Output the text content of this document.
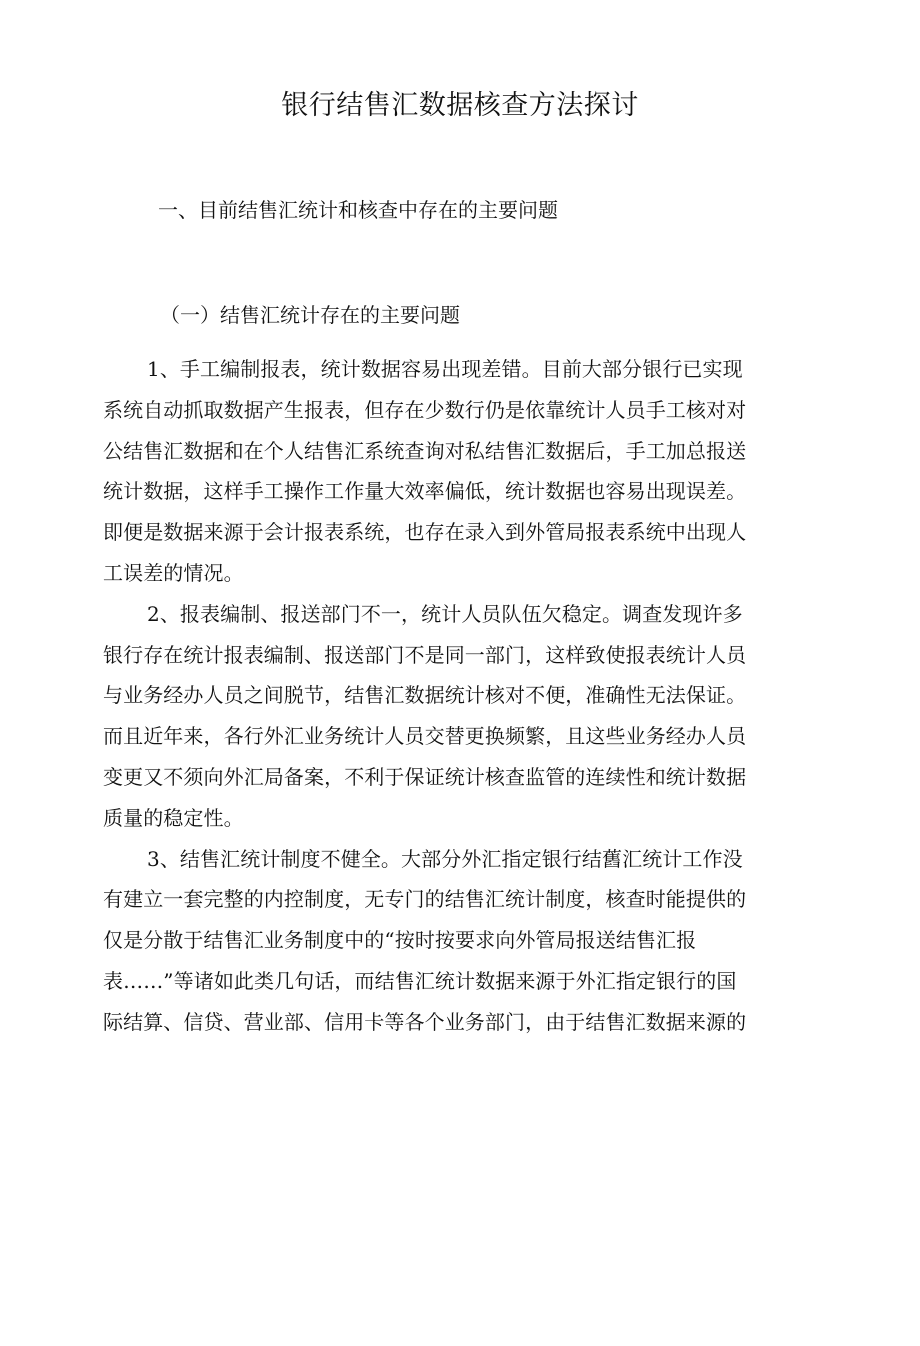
银行结售汇数据核查方法探讨
一、目前结售汇统计和核查中存在的主要问题
（一）结售汇统计存在的主要问题

1、手工编制报表，统计数据容易出现差错。目前大部分银行已实现
系统自动抓取数据产生报表，但存在少数行仍是依靠统计人员手工核对对
公结售汇数据和在个人结售汇系统查询对私结售汇数据后，手工加总报送
统计数据，这样手工操作工作量大效率偏低，统计数据也容易出现误差。
即便是数据来源于会计报表系统，也存在录入到外管局报表系统中出现人
工误差的情况。

2、报表编制、报送部门不一，统计人员队伍欠稳定。调查发现许多
银行存在统计报表编制、报送部门不是同一部门，这样致使报表统计人员
与业务经办人员之间脱节，结售汇数据统计核对不便，准确性无法保证。
而且近年来，各行外汇业务统计人员交替更换频繁，且这些业务经办人员
变更又不须向外汇局备案，不利于保证统计核查监管的连续性和统计数据
质量的稳定性。

3、结售汇统计制度不健全。大部分外汇指定银行结舊汇统计工作没
有建立一套完整的内控制度，无专门的结售汇统计制度，核查时能提供的
仅是分散于结售汇业务制度中的“按时按要求向外管局报送结售汇报
表……”等诸如此类几句话，而结售汇统计数据来源于外汇指定银行的国
际结算、信贷、营业部、信用卡等各个业务部门，由于结售汇数据来源的
